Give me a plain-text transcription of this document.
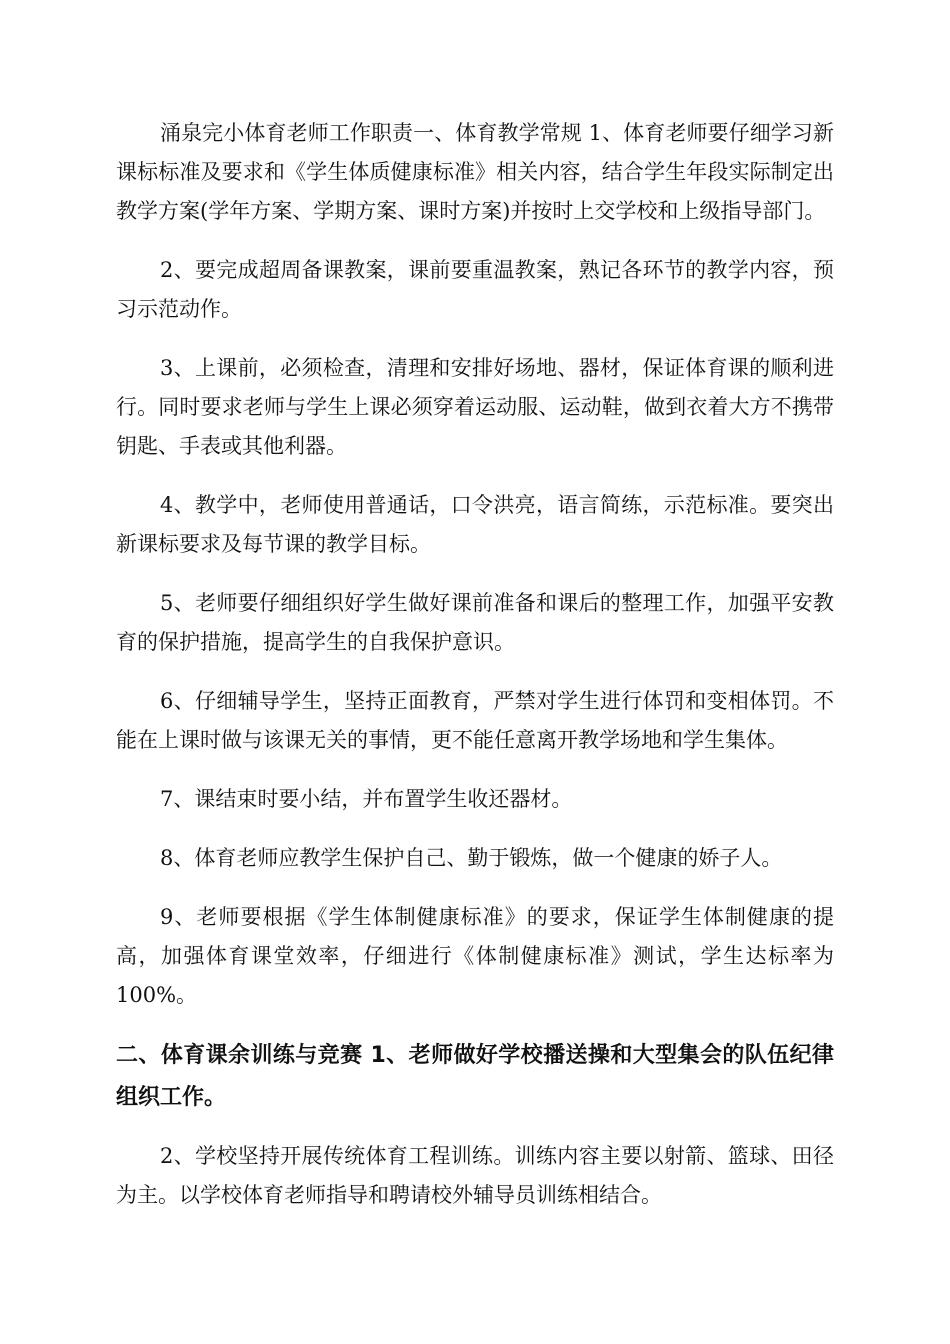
涌泉完小体育老师工作职责一、体育教学常规 1、体育老师要仔细学习新课标标准及要求和《学生体质健康标准》相关内容，结合学生年段实际制定出教学方案(学年方案、学期方案、课时方案)并按时上交学校和上级指导部门。

2、要完成超周备课教案，课前要重温教案，熟记各环节的教学内容，预习示范动作。

3、上课前，必须检查，清理和安排好场地、器材，保证体育课的顺利进行。同时要求老师与学生上课必须穿着运动服、运动鞋，做到衣着大方不携带钥匙、手表或其他利器。

4、教学中，老师使用普通话，口令洪亮，语言简练，示范标准。要突出新课标要求及每节课的教学目标。

5、老师要仔细组织好学生做好课前准备和课后的整理工作，加强平安教育的保护措施，提高学生的自我保护意识。

6、仔细辅导学生，坚持正面教育，严禁对学生进行体罚和变相体罚。不能在上课时做与该课无关的事情，更不能任意离开教学场地和学生集体。

7、课结束时要小结，并布置学生收还器材。

8、体育老师应教学生保护自己、勤于锻炼，做一个健康的娇子人。

9、老师要根据《学生体制健康标准》的要求，保证学生体制健康的提高，加强体育课堂效率，仔细进行《体制健康标准》测试，学生达标率为 100%。

二、体育课余训练与竞赛 1、老师做好学校播送操和大型集会的队伍纪律组织工作。

2、学校坚持开展传统体育工程训练。训练内容主要以射箭、篮球、田径为主。以学校体育老师指导和聘请校外辅导员训练相结合。
